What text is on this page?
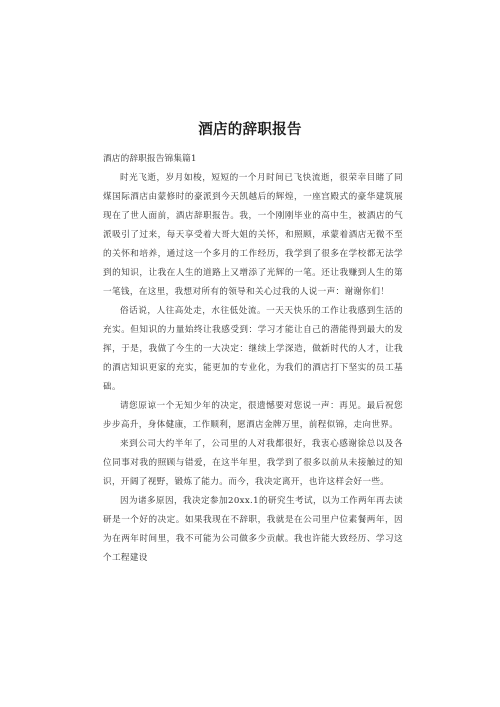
酒店的辞职报告

酒店的辞职报告锦集篇1

时光飞逝，岁月如梭，短短的一个月时间已飞快流逝，很荣幸目睹了同煤国际酒店由蒙修时的豪派到今天凯越后的辉煌，一座宫殿式的豪华建筑展现在了世人面前，酒店辞职报告。我，一个刚刚毕业的高中生，被酒店的气派吸引了过来，每天享受着大哥大姐的关怀，和照顾，承蒙着酒店无微不至的关怀和培养，通过这一个多月的工作经历，我学到了很多在学校都无法学到的知识，让我在人生的道路上又增添了光辉的一笔。还让我赚到人生的第一笔钱，在这里，我想对所有的领导和关心过我的人说一声：谢谢你们！

俗话说，人往高处走，水往低处流。一天天快乐的工作让我感到生活的充实。但知识的力量始终让我感受到：学习才能让自己的潜能得到最大的发挥，于是，我做了今生的一大决定：继续上学深造，做新时代的人才，让我的酒店知识更家的充实，能更加的专业化，为我们的酒店打下坚实的员工基础。

请您原谅一个无知少年的决定，很遗憾要对您说一声：再见。最后祝您步步高升，身体健康，工作顺利，愿酒店金牌万里，前程似锦，走向世界。

来到公司大约半年了，公司里的人对我都很好，我衷心感谢徐总以及各位同事对我的照顾与错爱，在这半年里，我学到了很多以前从未接触过的知识，开阔了视野，锻炼了能力。而今，我决定离开，也许这样会好一些。

因为诸多原因，我决定参加20xx.1的研究生考试，以为工作两年再去读研是一个好的决定。如果我现在不辞职，我就是在公司里户位素餐两年，因为在两年时间里，我不可能为公司做多少贡献。我也许能大致经历、学习这个工程建设
